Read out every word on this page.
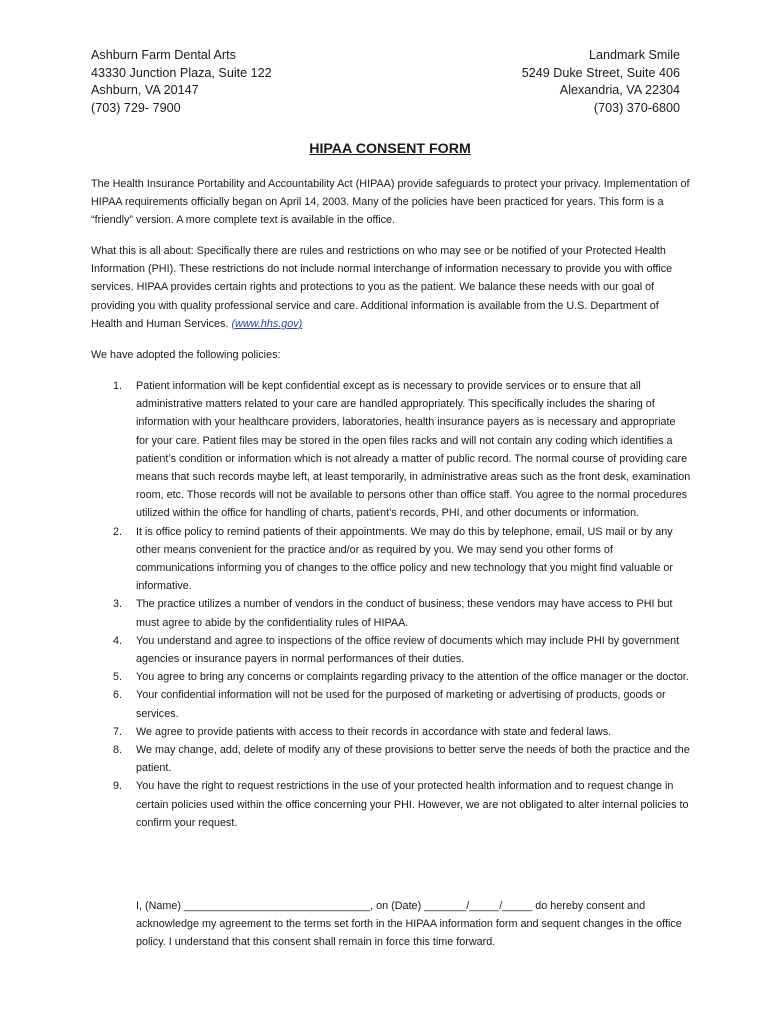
Ashburn Farm Dental Arts
43330 Junction Plaza, Suite 122
Ashburn, VA 20147
(703) 729- 7900
Landmark Smile
5249 Duke Street, Suite 406
Alexandria, VA 22304
(703) 370-6800
HIPAA CONSENT FORM
The Health Insurance Portability and Accountability Act (HIPAA) provide safeguards to protect your privacy. Implementation of HIPAA requirements officially began on April 14, 2003. Many of the policies have been practiced for years. This form is a “friendly” version. A more complete text is available in the office.
What this is all about: Specifically there are rules and restrictions on who may see or be notified of your Protected Health Information (PHI). These restrictions do not include normal interchange of information necessary to provide you with office services. HIPAA provides certain rights and protections to you as the patient. We balance these needs with our goal of providing you with quality professional service and care. Additional information is available from the U.S. Department of Health and Human Services. (www.hhs.gov)
We have adopted the following policies:
1. Patient information will be kept confidential except as is necessary to provide services or to ensure that all administrative matters related to your care are handled appropriately. This specifically includes the sharing of information with your healthcare providers, laboratories, health insurance payers as is necessary and appropriate for your care. Patient files may be stored in the open files racks and will not contain any coding which identifies a patient’s condition or information which is not already a matter of public record. The normal course of providing care means that such records maybe left, at least temporarily, in administrative areas such as the front desk, examination room, etc. Those records will not be available to persons other than office staff. You agree to the normal procedures utilized within the office for handling of charts, patient’s records, PHI, and other documents or information.
2. It is office policy to remind patients of their appointments. We may do this by telephone, email, US mail or by any other means convenient for the practice and/or as required by you. We may send you other forms of communications informing you of changes to the office policy and new technology that you might find valuable or informative.
3. The practice utilizes a number of vendors in the conduct of business; these vendors may have access to PHI but must agree to abide by the confidentiality rules of HIPAA.
4. You understand and agree to inspections of the office review of documents which may include PHI by government agencies or insurance payers in normal performances of their duties.
5. You agree to bring any concerns or complaints regarding privacy to the attention of the office manager or the doctor.
6. Your confidential information will not be used for the purposed of marketing or advertising of products, goods or services.
7. We agree to provide patients with access to their records in accordance with state and federal laws.
8. We may change, add, delete of modify any of these provisions to better serve the needs of both the practice and the patient.
9. You have the right to request restrictions in the use of your protected health information and to request change in certain policies used within the office concerning your PHI. However, we are not obligated to alter internal policies to confirm your request.
I, (Name) _______________________________, on (Date) _______/_____/_____ do hereby consent and acknowledge my agreement to the terms set forth in the HIPAA information form and sequent changes in the office policy. I understand that this consent shall remain in force this time forward.
